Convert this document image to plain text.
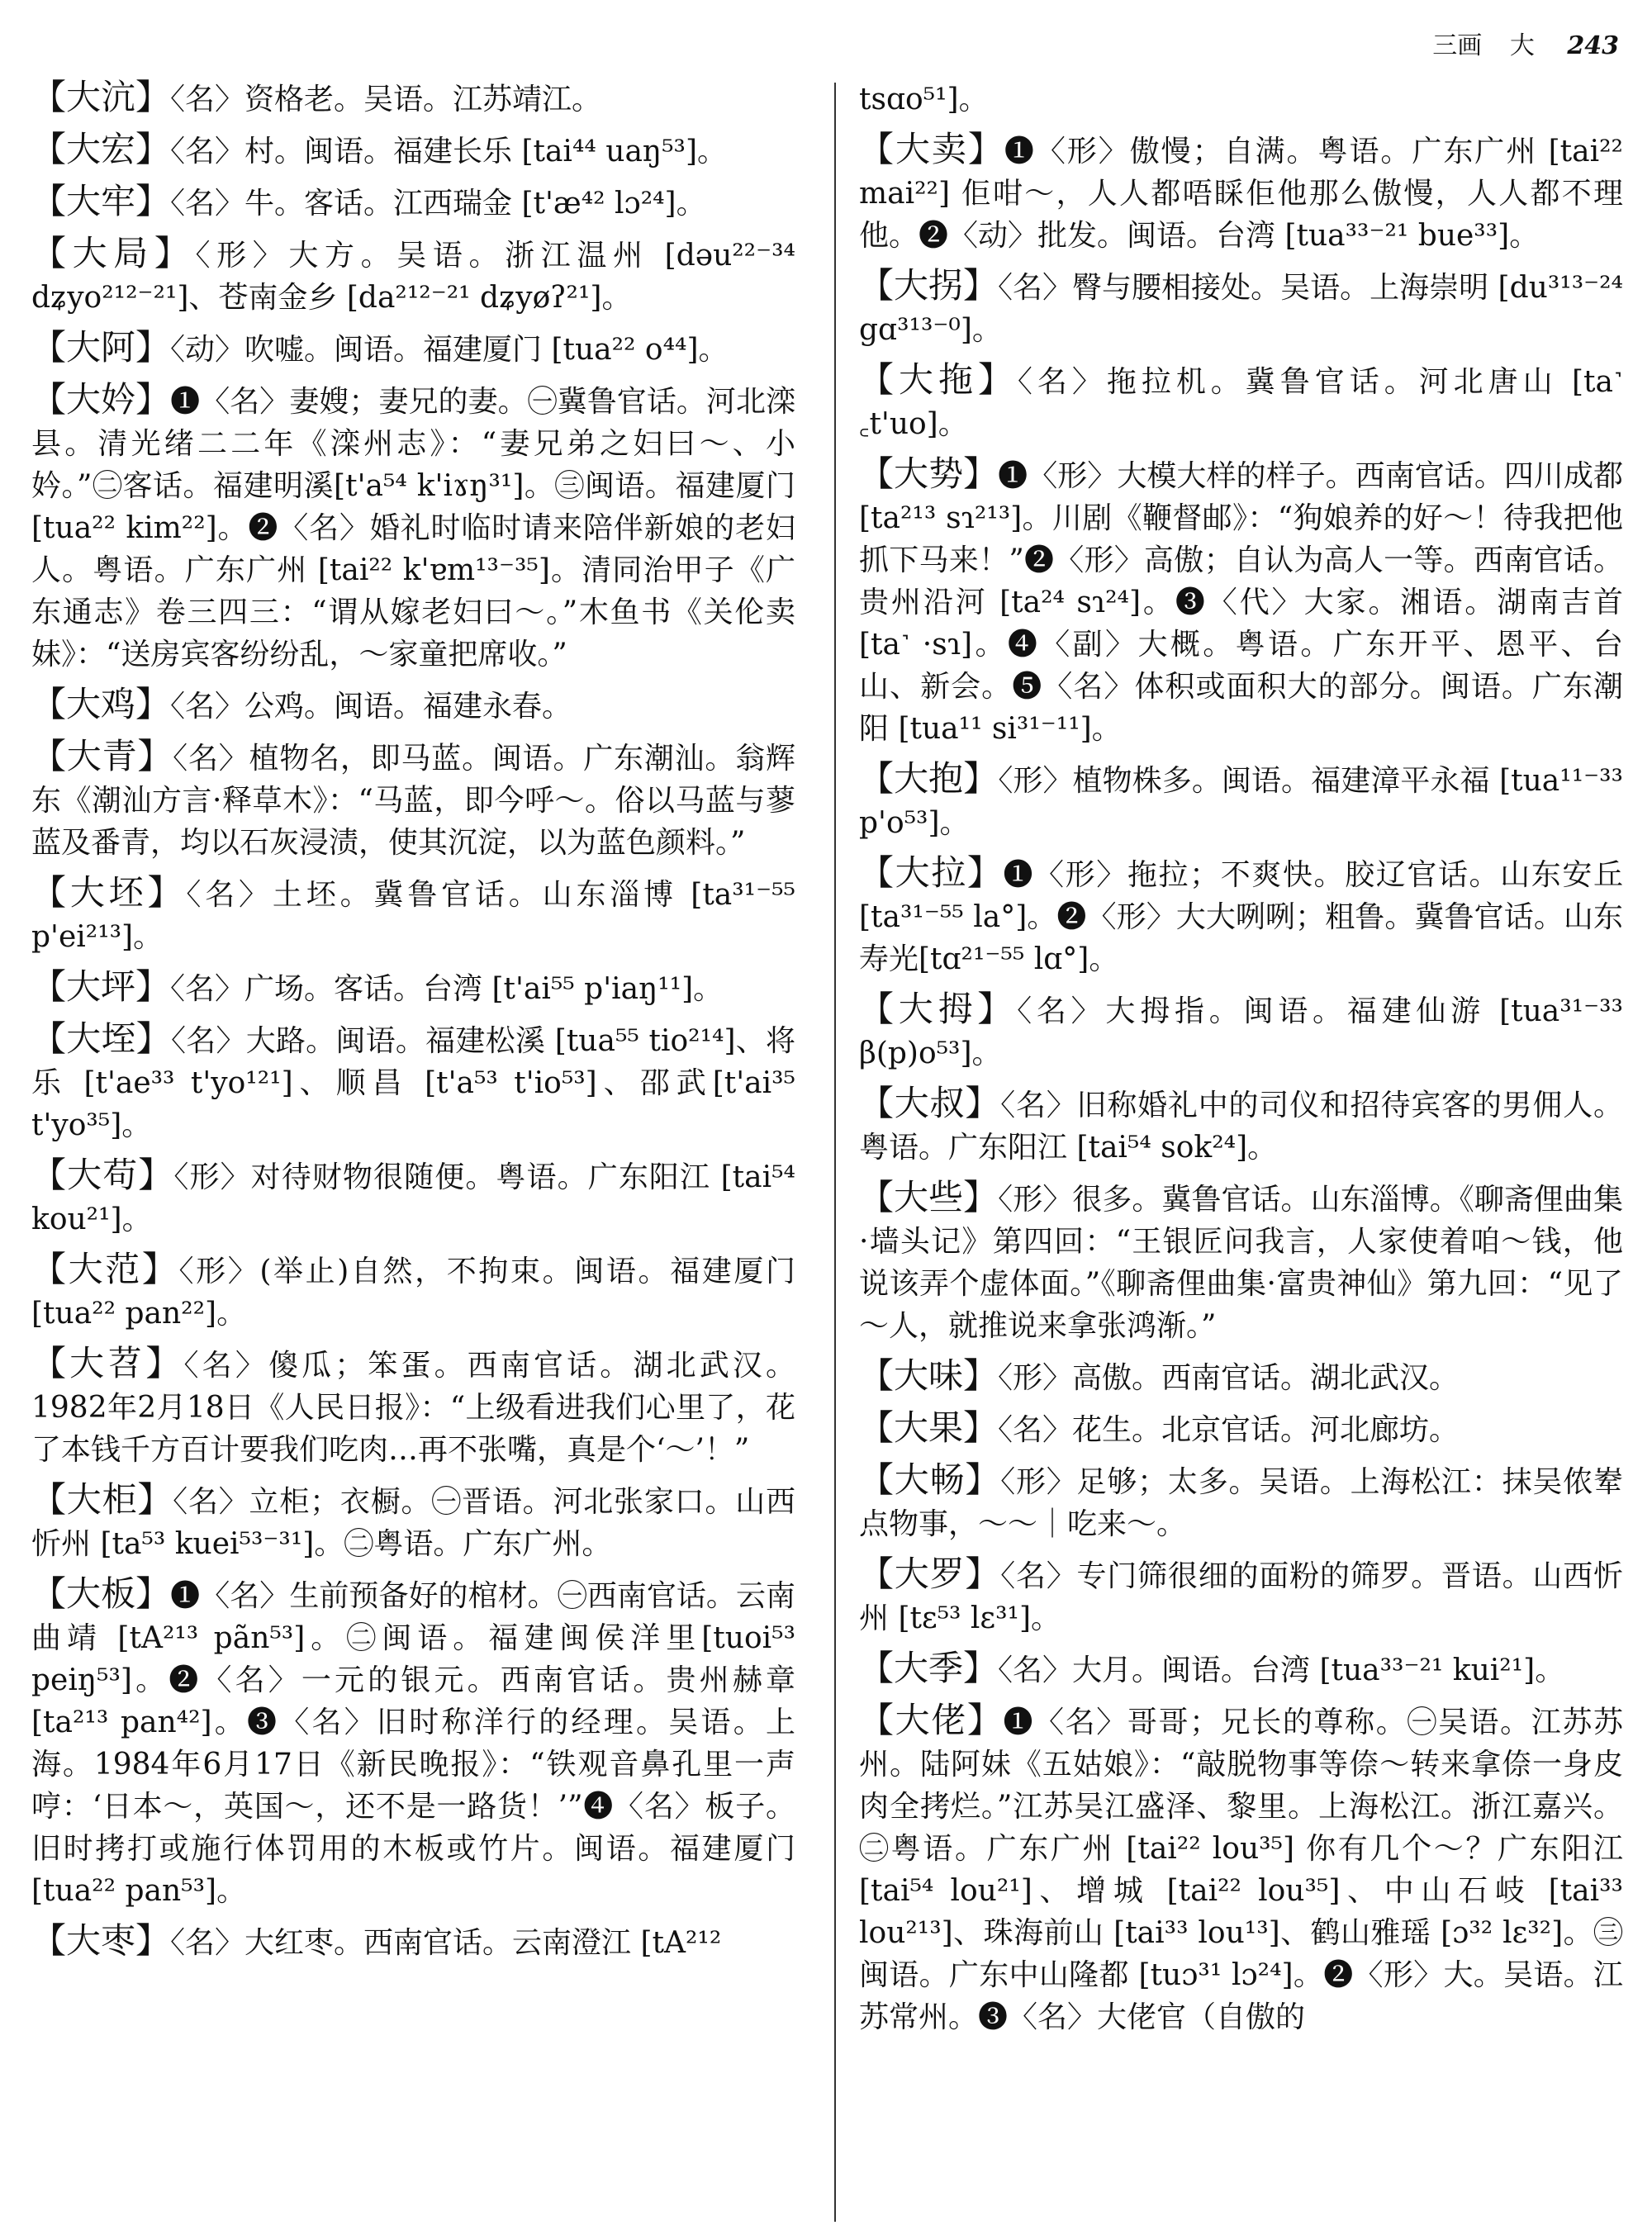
三画 大 243

【大沆】〈名〉资格老。吴语。江苏靖江。

【大宏】〈名〉村。闽语。福建长乐 [tai⁴⁴ uaŋ⁵³]。

【大牢】〈名〉牛。客话。江西瑞金 [t'æ⁴² lɔ²⁴]。

【大局】〈形〉大方。吴语。浙江温州 [dəu²²⁻³⁴ dʑyo²¹²⁻²¹]、苍南金乡 [da²¹²⁻²¹ dʑyøʔ²¹]。

【大阿】〈动〉吹嘘。闽语。福建厦门 [tua²² o⁴⁴]。

【大妗】❶〈名〉妻嫂；妻兄的妻。㊀冀鲁官话。河北滦县。清光绪二二年《滦州志》：“妻兄弟之妇曰～、小妗。”㊁客话。福建明溪[t'a⁵⁴ k'iɤŋ³¹]。㊂闽语。福建厦门 [tua²² kim²²]。❷〈名〉婚礼时临时请来陪伴新娘的老妇人。粤语。广东广州 [tai²² k'ɐm¹³⁻³⁵]。清同治甲子《广东通志》卷三四三：“谓从嫁老妇曰～。”木鱼书《关伦卖妹》：“送房宾客纷纷乱，～家童把席收。”

【大鸡】〈名〉公鸡。闽语。福建永春。

【大青】〈名〉植物名，即马蓝。闽语。广东潮汕。翁辉东《潮汕方言·释草木》：“马蓝，即今呼～。俗以马蓝与蓼蓝及番青，均以石灰浸渍，使其沉淀，以为蓝色颜料。”

【大坯】〈名〉土坯。冀鲁官话。山东淄博 [ta³¹⁻⁵⁵ p'ei²¹³]。

【大坪】〈名〉广场。客话。台湾 [t'ai⁵⁵ p'iaŋ¹¹]。

【大垤】〈名〉大路。闽语。福建松溪 [tua⁵⁵ tio²¹⁴]、将乐 [t'ae³³ t'yo¹²¹]、顺昌 [t'a⁵³ t'io⁵³]、邵武[t'ai³⁵ t'yo³⁵]。

【大苟】〈形〉对待财物很随便。粤语。广东阳江 [tai⁵⁴ kou²¹]。

【大范】〈形〉(举止)自然，不拘束。闽语。福建厦门 [tua²² pan²²]。

【大苕】〈名〉傻瓜；笨蛋。西南官话。湖北武汉。1982年2月18日《人民日报》：“上级看进我们心里了，花了本钱千方百计要我们吃肉…再不张嘴，真是个‘～’！”

【大柜】〈名〉立柜；衣橱。㊀晋语。河北张家口。山西忻州 [ta⁵³ kuei⁵³⁻³¹]。㊁粤语。广东广州。

【大板】❶〈名〉生前预备好的棺材。㊀西南官话。云南曲靖 [tA²¹³ pãn⁵³]。㊁闽语。福建闽侯洋里[tuoi⁵³ peiŋ⁵³]。❷〈名〉一元的银元。西南官话。贵州赫章 [ta²¹³ pan⁴²]。❸〈名〉旧时称洋行的经理。吴语。上海。1984年6月17日《新民晚报》：“铁观音鼻孔里一声哼：‘日本～，英国～，还不是一路货！’”❹〈名〉板子。旧时拷打或施行体罚用的木板或竹片。闽语。福建厦门 [tua²² pan⁵³]。

【大枣】〈名〉大红枣。西南官话。云南澄江 [tA²¹²

tsɑo⁵¹]。

【大卖】❶〈形〉傲慢；自满。粤语。广东广州 [tai²² mai²²] 佢咁～，人人都唔睬佢他那么傲慢，人人都不理他。❷〈动〉批发。闽语。台湾 [tua³³⁻²¹ bue³³]。

【大拐】〈名〉臀与腰相接处。吴语。上海崇明 [du³¹³⁻²⁴ gɑ³¹³⁻⁰]。

【大拖】〈名〉拖拉机。冀鲁官话。河北唐山 [ta˺ ꜀t'uo]。

【大势】❶〈形〉大模大样的样子。西南官话。四川成都 [ta²¹³ sɿ²¹³]。川剧《鞭督邮》：“狗娘养的好～！待我把他抓下马来！”❷〈形〉高傲；自认为高人一等。西南官话。贵州沿河 [ta²⁴ sɿ²⁴]。❸〈代〉大家。湘语。湖南吉首[ta˺ ·sɿ]。❹〈副〉大概。粤语。广东开平、恩平、台山、新会。❺〈名〉体积或面积大的部分。闽语。广东潮阳 [tua¹¹ si³¹⁻¹¹]。

【大抱】〈形〉植物株多。闽语。福建漳平永福 [tua¹¹⁻³³ p'o⁵³]。

【大拉】❶〈形〉拖拉；不爽快。胶辽官话。山东安丘 [ta³¹⁻⁵⁵ la°]。❷〈形〉大大咧咧；粗鲁。冀鲁官话。山东寿光[tɑ²¹⁻⁵⁵ lɑ°]。

【大拇】〈名〉大拇指。闽语。福建仙游 [tua³¹⁻³³ β(p)o⁵³]。

【大叔】〈名〉旧称婚礼中的司仪和招待宾客的男佣人。粤语。广东阳江 [tai⁵⁴ sok²⁴]。

【大些】〈形〉很多。冀鲁官话。山东淄博。《聊斋俚曲集·墙头记》第四回：“王银匠问我言，人家使着咱～钱，他说该弄个虚体面。”《聊斋俚曲集·富贵神仙》第九回：“见了～人，就推说来拿张鸿渐。”

【大味】〈形〉高傲。西南官话。湖北武汉。

【大果】〈名〉花生。北京官话。河北廊坊。

【大畅】〈形〉足够；太多。吴语。上海松江：抹吴侬𪨶点物事，～～｜吃来～。

【大罗】〈名〉专门筛很细的面粉的筛罗。晋语。山西忻州 [tɛ⁵³ lɛ³¹]。

【大季】〈名〉大月。闽语。台湾 [tua³³⁻²¹ kui²¹]。

【大佬】❶〈名〉哥哥；兄长的尊称。㊀吴语。江苏苏州。陆阿妹《五姑娘》：“敲脱物事等倷～转来拿倷一身皮肉全拷烂。”江苏吴江盛泽、黎里。上海松江。浙江嘉兴。㊁粤语。广东广州 [tai²² lou³⁵] 你有几个～？广东阳江 [tai⁵⁴ lou²¹]、增城 [tai²² lou³⁵]、中山石岐 [tai³³ lou²¹³]、珠海前山 [tai³³ lou¹³]、鹤山雅瑶 [ɔ³² lɛ³²]。㊂闽语。广东中山隆都 [tuɔ³¹ lɔ²⁴]。❷〈形〉大。吴语。江苏常州。❸〈名〉大佬官（自傲的
